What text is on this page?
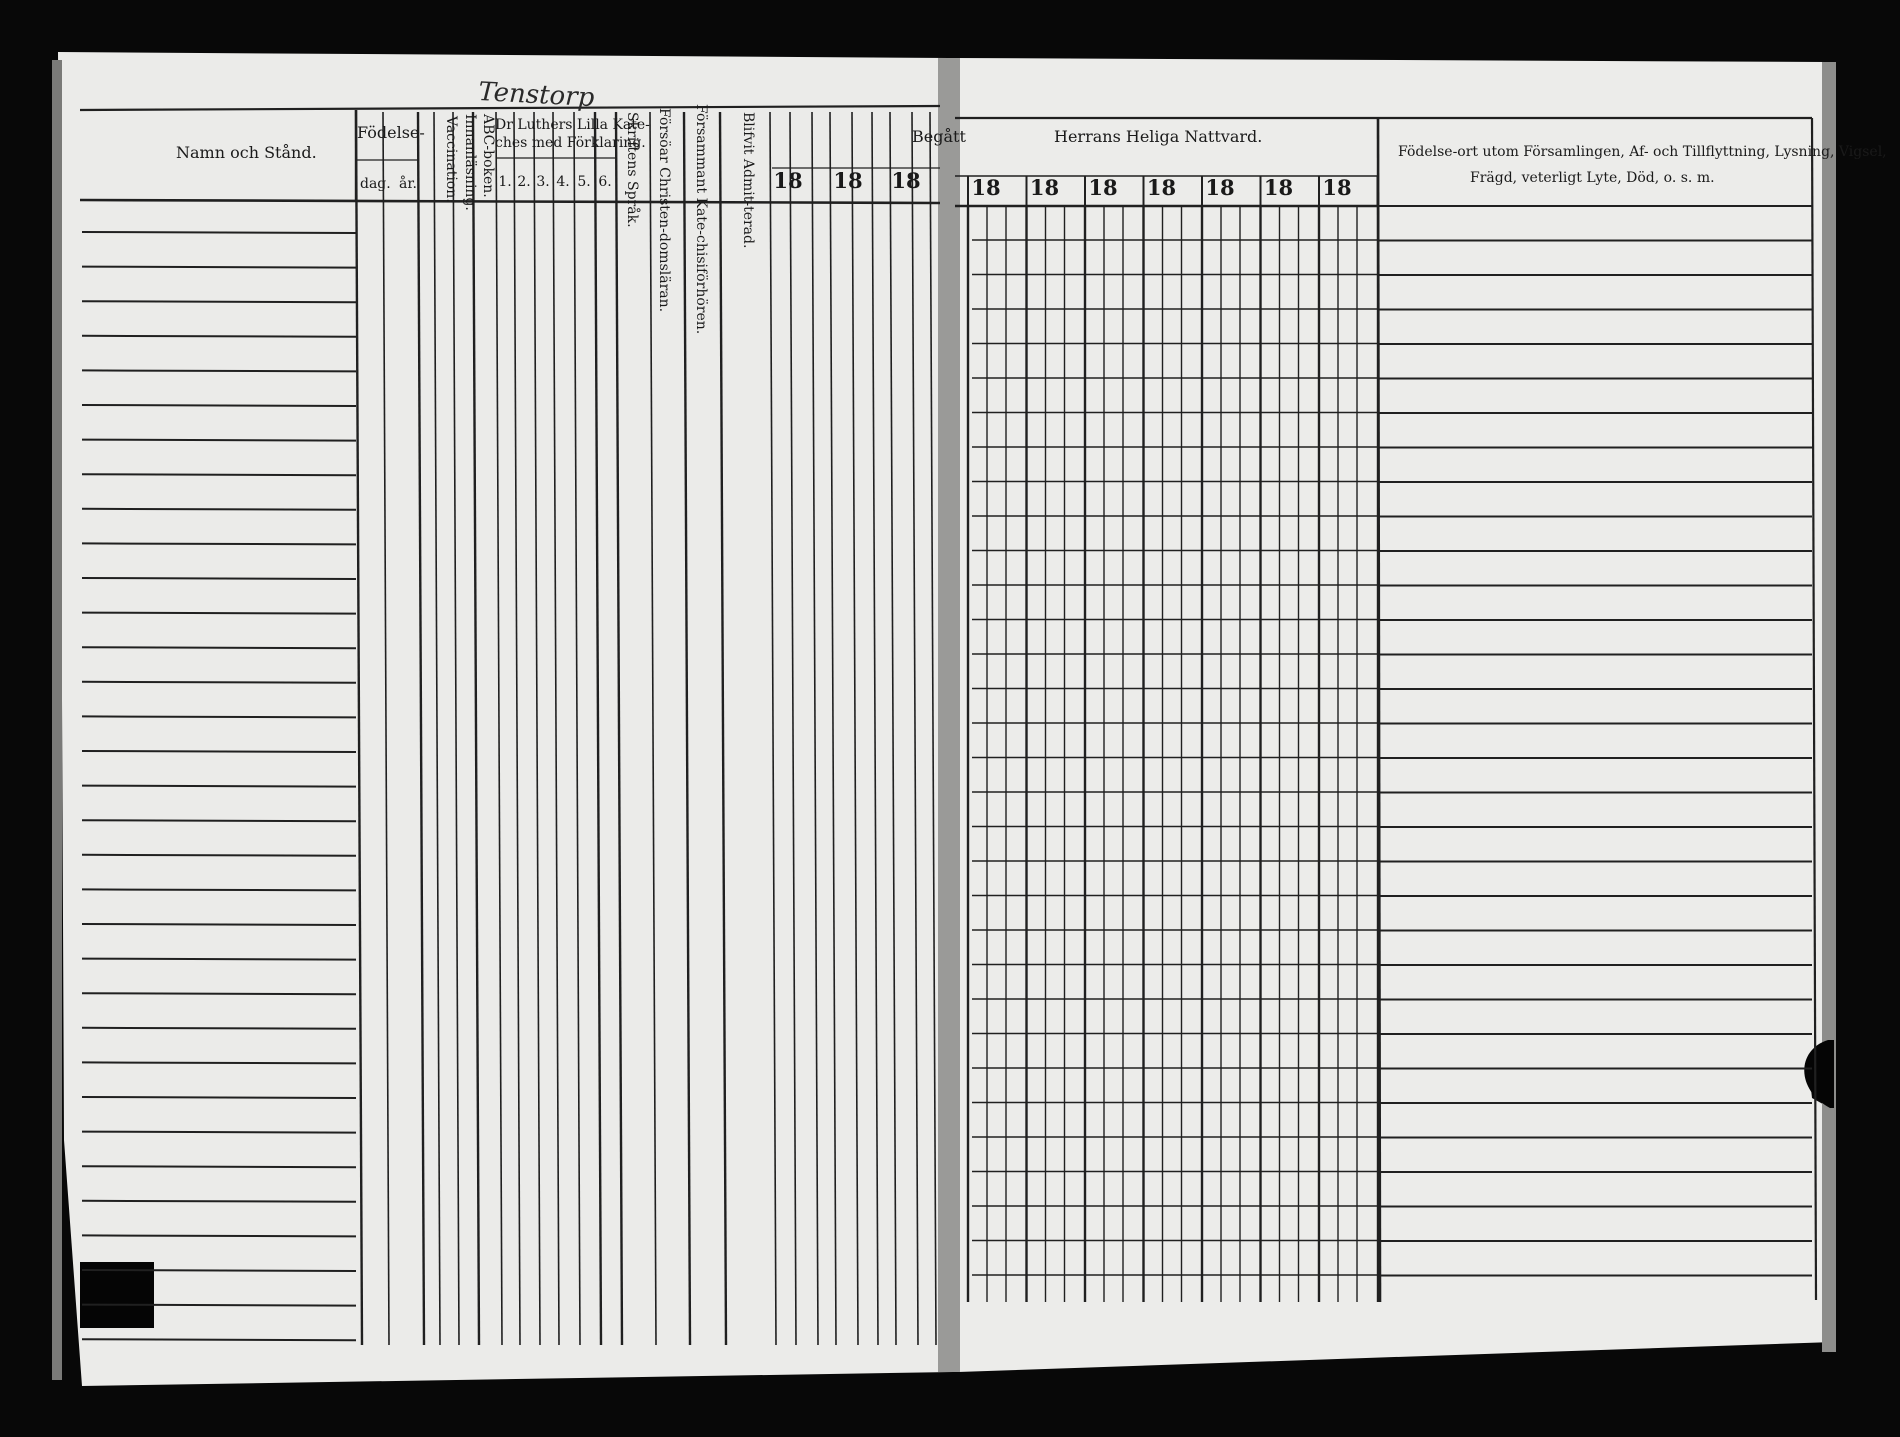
Tenstorp
Namn och Stånd.
Födelse-
dag. år. Vaccination. Innanläsning. ABC-boken. Dr Luthers Lilla Kate-
ches med Förklaring.
1. 2. 3. 4. 5. 6. Skriftens Språk. Försöar Christen-domsläran. Försammant Kate-chisiförhören. Blifvit Admit-terad.	Begått
18 18 18
Herrans Heliga Nattvard.
18 18 18 18 18 18 18
Födelse-ort utom Församlingen, Af- och Tillflyttning, Lysning, Vigsel,
Frägd, veterligt Lyte, Död, o. s. m.
